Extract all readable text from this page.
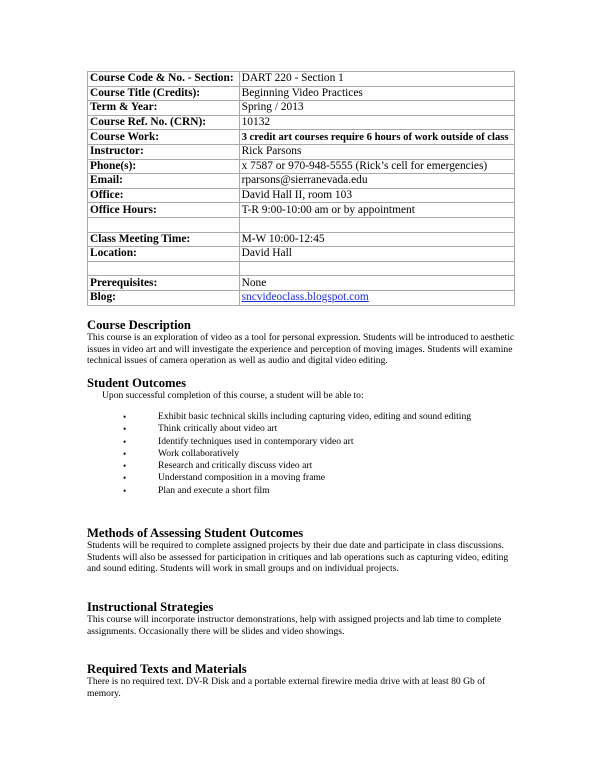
Course Code & No. - Section:	DART 220 - Section 1
Course Title (Credits):	Beginning Video Practices
Term & Year:	Spring / 2013
Course Ref. No. (CRN):	10132
Course Work:	3 credit art courses require 6 hours of work outside of class
Instructor:	Rick Parsons
Phone(s):	x 7587 or 970-948-5555 (Rick’s cell for emergencies)
Email:	rparsons@sierranevada.edu
Office:	David Hall II, room 103
Office Hours:	T-R 9:00-10:00 am or by appointment

Class Meeting Time:	M-W 10:00-12:45
Location:	David Hall

Prerequisites:	None
Blog:	sncvideoclass.blogspot.com

Course Description

This course is an exploration of video as a tool for personal expression. Students will be introduced to aesthetic issues in video art and will investigate the experience and perception of moving images. Students will examine technical issues of camera operation as well as audio and digital video editing.

Student Outcomes

Upon successful completion of this course, a student will be able to:

•	Exhibit basic technical skills including capturing video, editing and sound editing
•	Think critically about video art
•	Identify techniques used in contemporary video art
•	Work collaboratively
•	Research and critically discuss video art
•	Understand composition in a moving frame
•	Plan and execute a short film

Methods of Assessing Student Outcomes

Students will be required to complete assigned projects by their due date and participate in class discussions. Students will also be assessed for participation in critiques and lab operations such as capturing video, editing and sound editing. Students will work in small groups and on individual projects.

Instructional Strategies

This course will incorporate instructor demonstrations, help with assigned projects and lab time to complete assignments. Occasionally there will be slides and video showings.

Required Texts and Materials

There is no required text. DV-R Disk and a portable external firewire media drive with at least 80 Gb of memory.
